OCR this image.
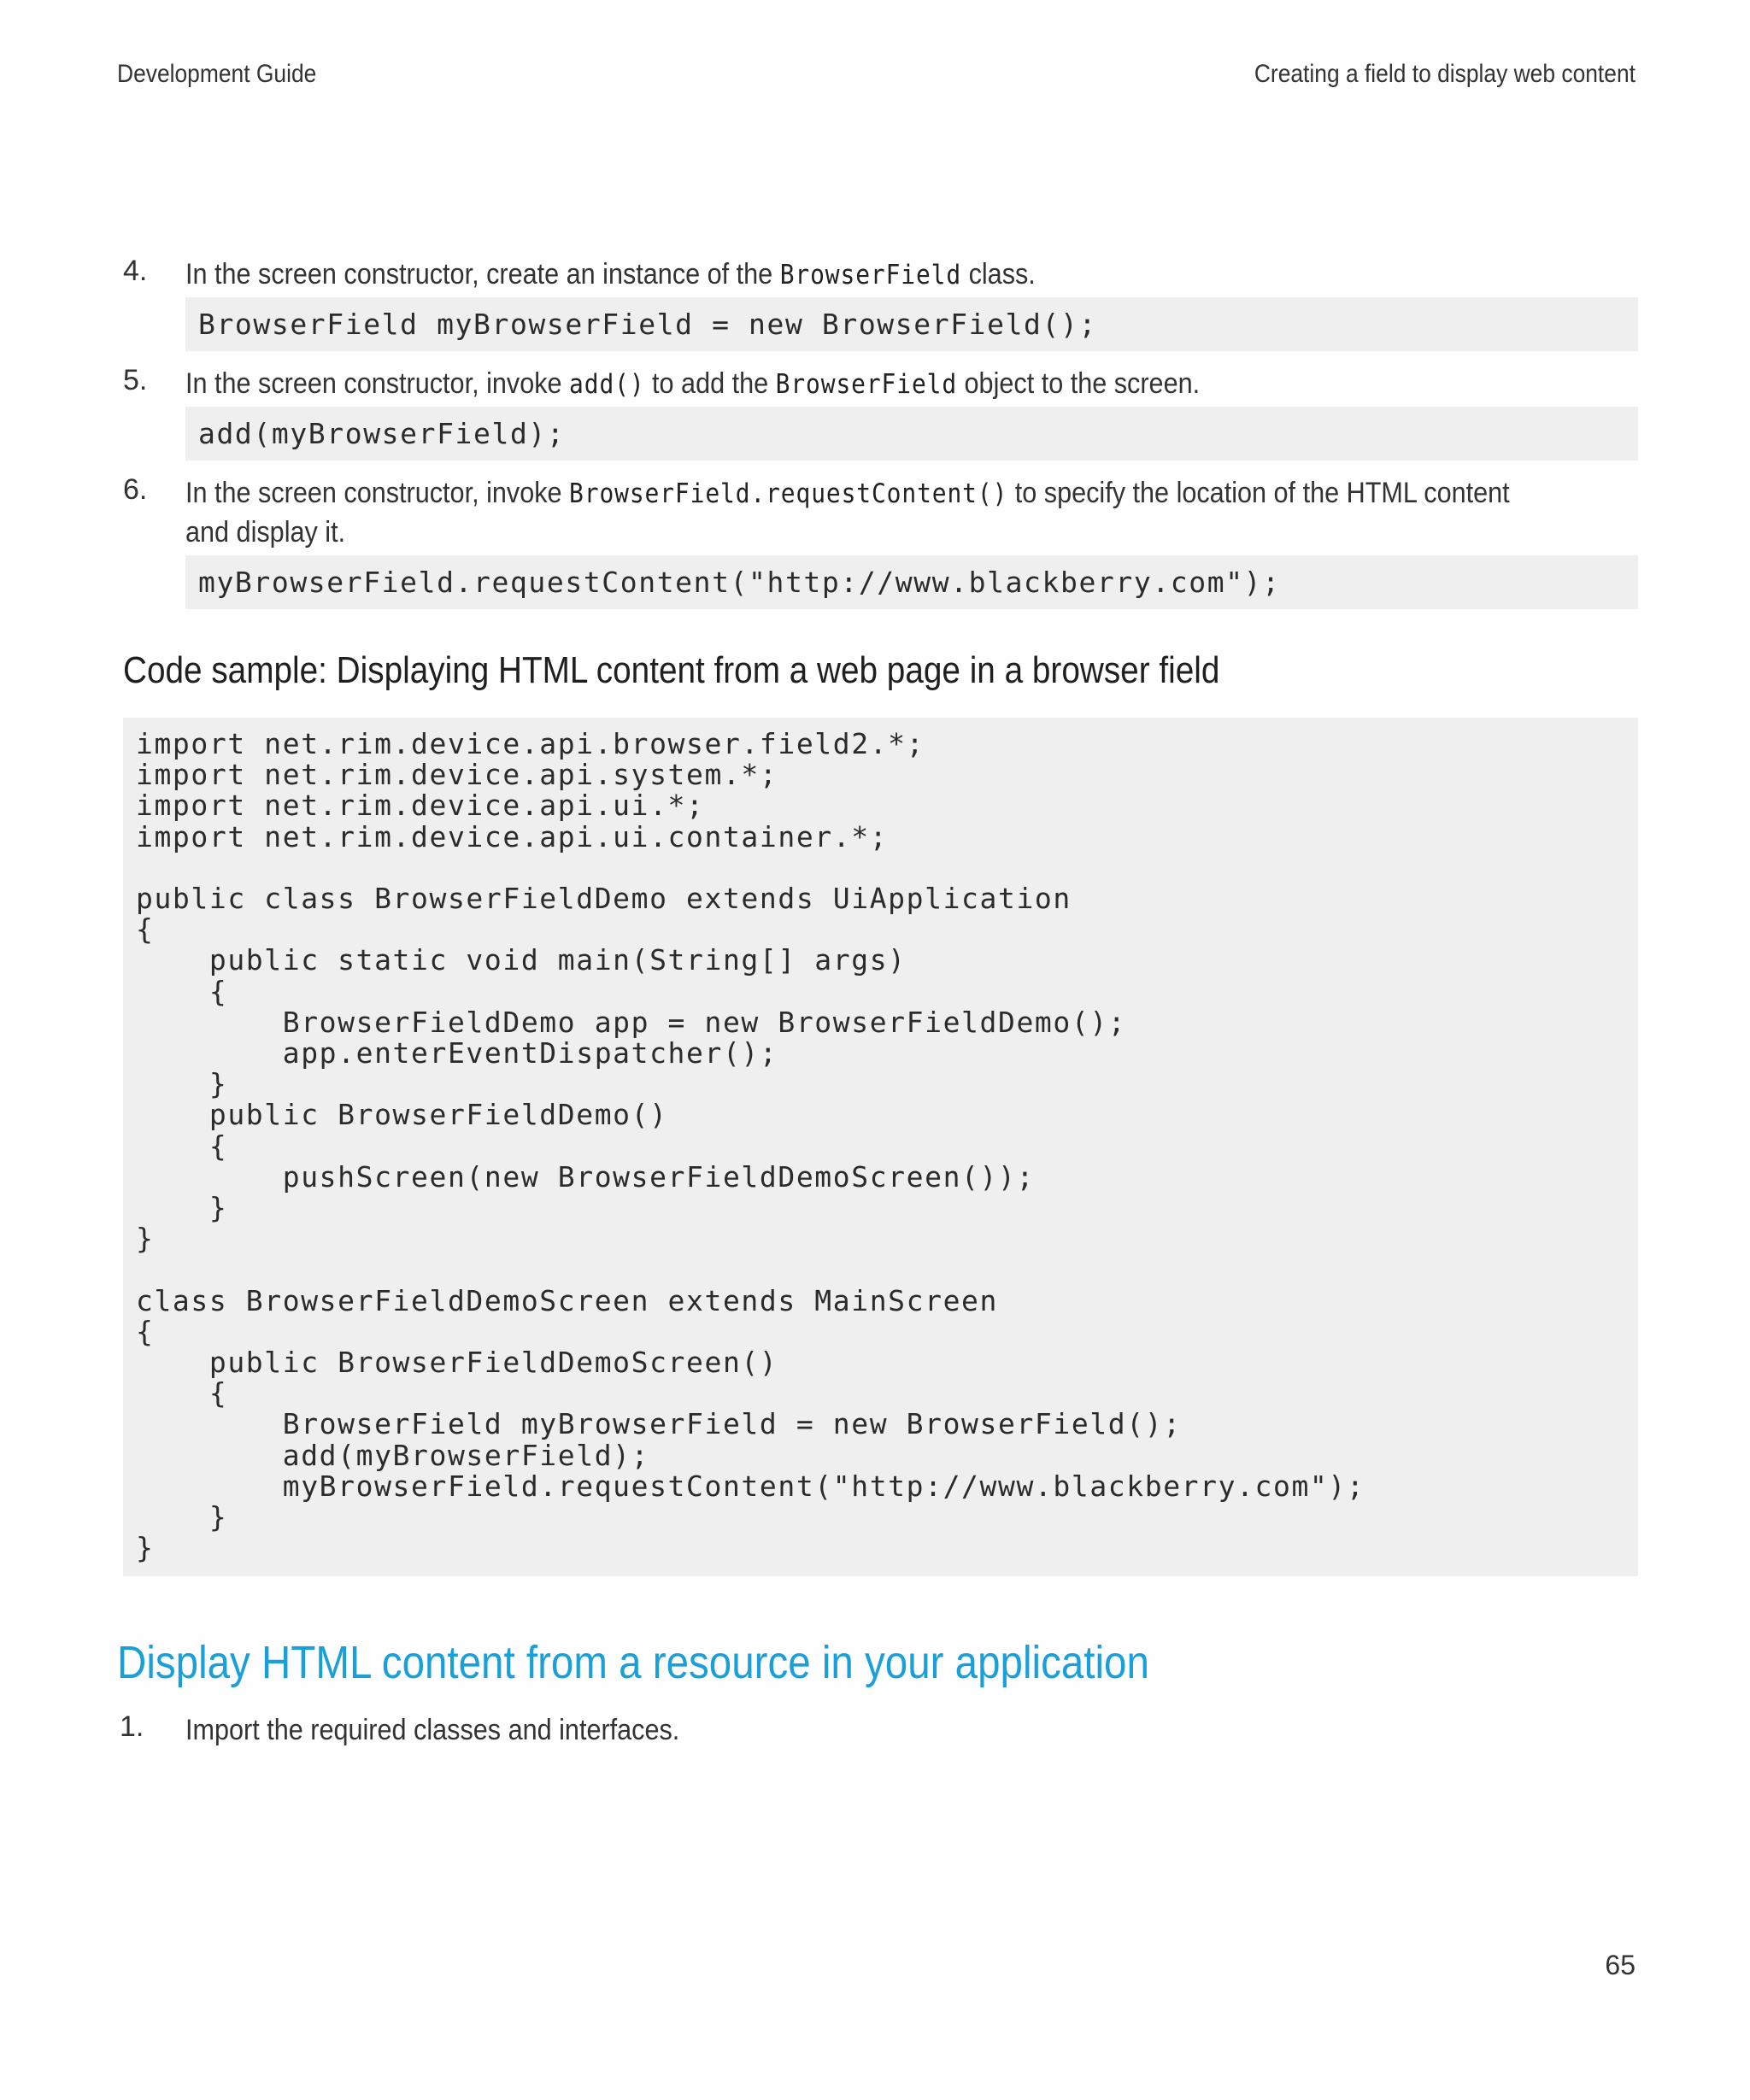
Development Guide	Creating a field to display web content
4. In the screen constructor, create an instance of the BrowserField class.
BrowserField myBrowserField = new BrowserField();
5. In the screen constructor, invoke add() to add the BrowserField object to the screen.
add(myBrowserField);
6. In the screen constructor, invoke BrowserField.requestContent() to specify the location of the HTML content
and display it.
myBrowserField.requestContent("http://www.blackberry.com");
Code sample: Displaying HTML content from a web page in a browser field
import net.rim.device.api.browser.field2.*;
import net.rim.device.api.system.*;
import net.rim.device.api.ui.*;
import net.rim.device.api.ui.container.*;

public class BrowserFieldDemo extends UiApplication
{
public static void main(String[] args)
{
BrowserFieldDemo app = new BrowserFieldDemo();
app.enterEventDispatcher();
}
public BrowserFieldDemo()
{
pushScreen(new BrowserFieldDemoScreen());
}
}

class BrowserFieldDemoScreen extends MainScreen
{
public BrowserFieldDemoScreen()
{
BrowserField myBrowserField = new BrowserField();
add(myBrowserField);
myBrowserField.requestContent("http://www.blackberry.com");
}
}
Display HTML content from a resource in your application
1. Import the required classes and interfaces.
65
